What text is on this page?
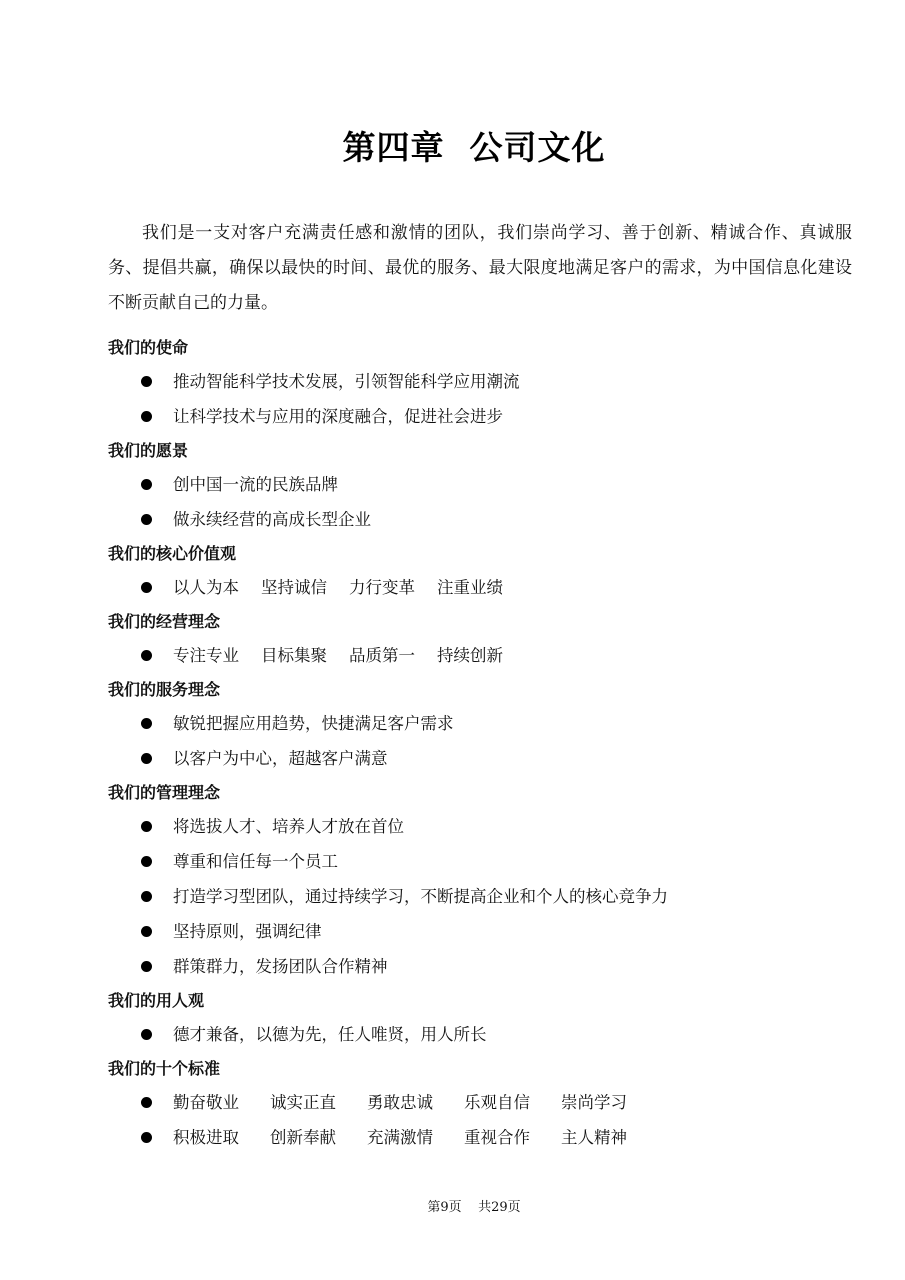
第四章  公司文化

我们是一支对客户充满责任感和激情的团队，我们崇尚学习、善于创新、精诚合作、真诚服务、提倡共赢，确保以最快的时间、最优的服务、最大限度地满足客户的需求，为中国信息化建设不断贡献自己的力量。

我们的使命
推动智能科学技术发展，引领智能科学应用潮流
让科学技术与应用的深度融合，促进社会进步
我们的愿景
创中国一流的民族品牌
做永续经营的高成长型企业
我们的核心价值观
以人为本 坚持诚信 力行变革 注重业绩
我们的经营理念
专注专业 目标集聚 品质第一 持续创新
我们的服务理念
敏锐把握应用趋势，快捷满足客户需求
以客户为中心，超越客户满意
我们的管理理念
将选拔人才、培养人才放在首位
尊重和信任每一个员工
打造学习型团队，通过持续学习，不断提高企业和个人的核心竞争力
坚持原则，强调纪律
群策群力，发扬团队合作精神
我们的用人观
德才兼备，以德为先，任人唯贤，用人所长
我们的十个标准
勤奋敬业 诚实正直 勇敢忠诚 乐观自信 崇尚学习
积极进取 创新奉献 充满激情 重视合作 主人精神
第9页    共29页
